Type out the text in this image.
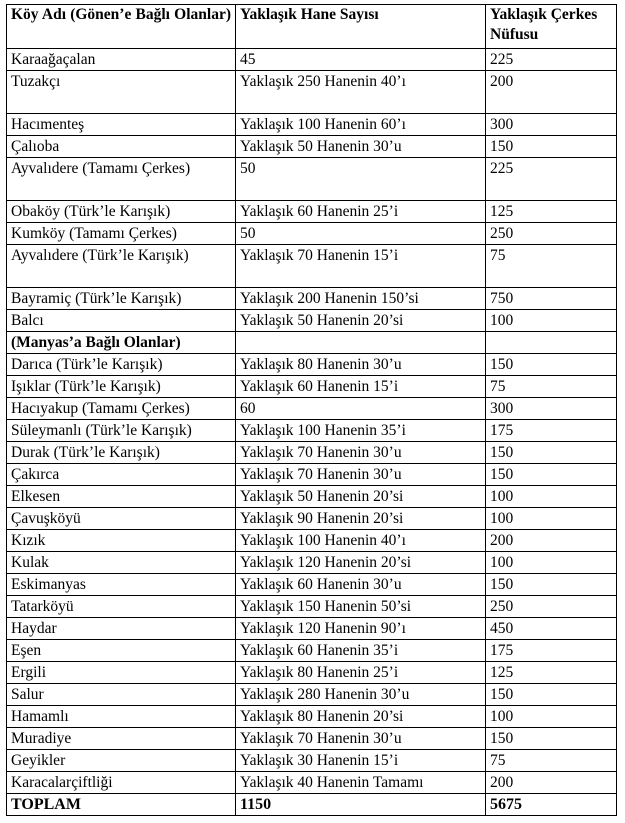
Köy Adı (Gönen’e Bağlı Olanlar)	Yaklaşık Hane Sayısı	Yaklaşık Çerkes Nüfusu
Karaağaçalan	45	225
Tuzakçı	Yaklaşık 250 Hanenin 40’ı	200
Hacımenteş	Yaklaşık 100 Hanenin 60’ı	300
Çalıoba	Yaklaşık 50 Hanenin 30’u	150
Ayvalıdere (Tamamı Çerkes)	50	225
Obaköy (Türk’le Karışık)	Yaklaşık 60 Hanenin 25’i	125
Kumköy (Tamamı Çerkes)	50	250
Ayvalıdere (Türk’le Karışık)	Yaklaşık 70 Hanenin 15’i	75
Bayramiç (Türk’le Karışık)	Yaklaşık 200 Hanenin 150’si	750
Balcı	Yaklaşık 50 Hanenin 20’si	100
(Manyas’a Bağlı Olanlar)		
Darıca (Türk’le Karışık)	Yaklaşık 80 Hanenin 30’u	150
Işıklar (Türk’le Karışık)	Yaklaşık 60 Hanenin 15’i	75
Hacıyakup (Tamamı Çerkes)	60	300
Süleymanlı (Türk’le Karışık)	Yaklaşık 100 Hanenin 35’i	175
Durak (Türk’le Karışık)	Yaklaşık 70 Hanenin 30’u	150
Çakırca	Yaklaşık 70 Hanenin 30’u	150
Elkesen	Yaklaşık 50 Hanenin 20’si	100
Çavuşköyü	Yaklaşık 90 Hanenin 20’si	100
Kızık	Yaklaşık 100 Hanenin 40’ı	200
Kulak	Yaklaşık 120 Hanenin 20’si	100
Eskimanyas	Yaklaşık 60 Hanenin 30’u	150
Tatarköyü	Yaklaşık 150 Hanenin 50’si	250
Haydar	Yaklaşık 120 Hanenin 90’ı	450
Eşen	Yaklaşık 60 Hanenin 35’i	175
Ergili	Yaklaşık 80 Hanenin 25’i	125
Salur	Yaklaşık 280 Hanenin 30’u	150
Hamamlı	Yaklaşık 80 Hanenin 20’si	100
Muradiye	Yaklaşık 70 Hanenin 30’u	150
Geyikler	Yaklaşık 30 Hanenin 15’i	75
Karacalarçiftliği	Yaklaşık 40 Hanenin Tamamı	200
TOPLAM	1150	5675
